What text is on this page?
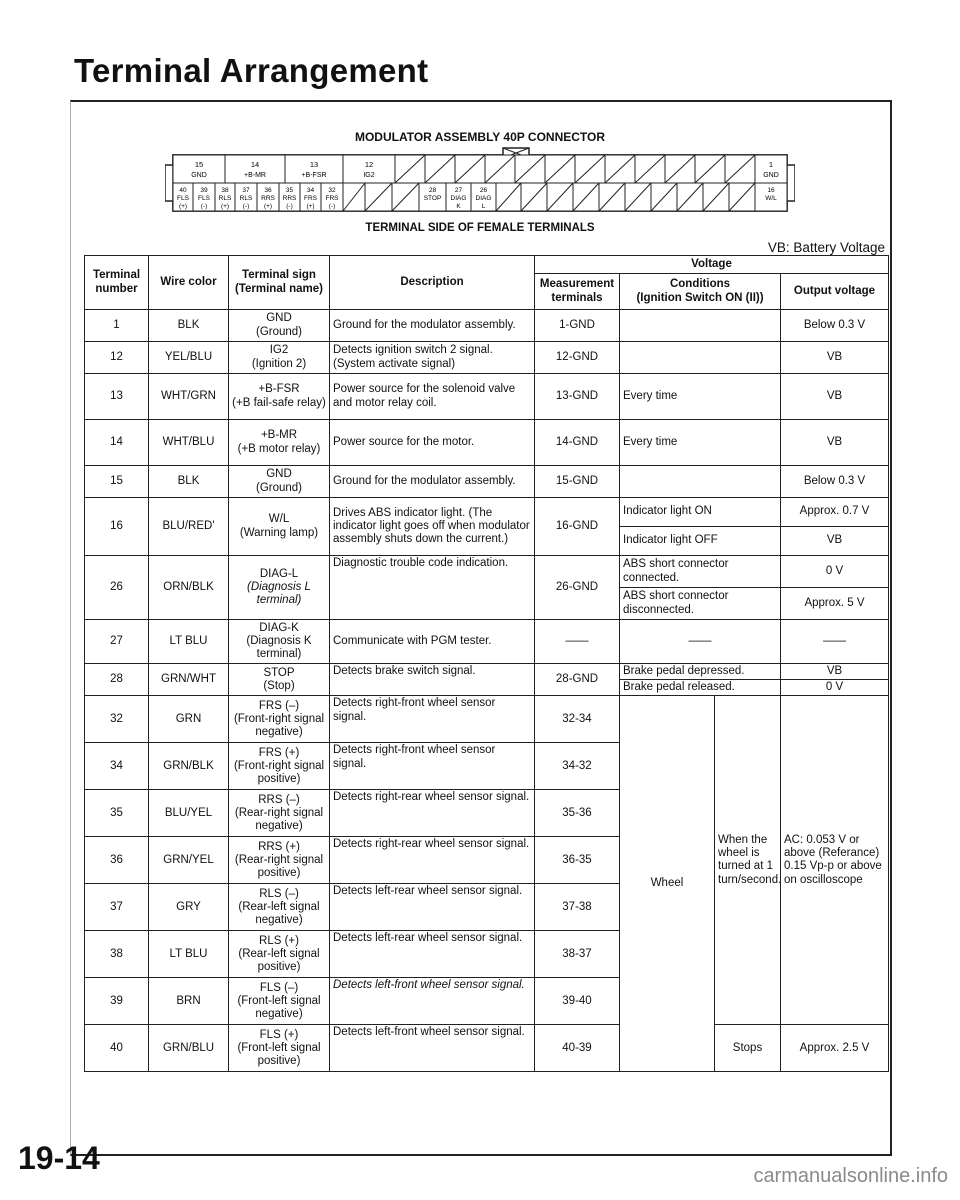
Terminal Arrangement
MODULATOR ASSEMBLY 40P CONNECTOR
15
GND
14
+B-MR
13
+B-FSR
12
IG2
1
GND
40
FLS
(+)
39
FLS
(-)
38
RLS
(+)
37
RLS
(-)
36
RRS
(+)
35
RRS
(-)
34
FRS
(+)
32
FRS
(-)
28
STOP
27
DIAG
K
26
DIAG
L
16
W/L
TERMINAL SIDE OF FEMALE TERMINALS
VB: Battery Voltage
Terminal number	Wire color	Terminal sign
(Terminal name)	Description	Voltage			
				Measurement terminals	Conditions
(Ignition Switch ON (II))		Output voltage
1	BLK	GND
(Ground)	Ground for the modulator assembly.	1-GND			Below 0.3 V
12	YEL/BLU	IG2
(Ignition 2)	Detects ignition switch 2 signal. (System activate signal)	12-GND			VB
13	WHT/GRN	+B-FSR
(+B fail-safe relay)	Power source for the solenoid valve and motor relay coil.	13-GND	Every time		VB
14	WHT/BLU	+B-MR
(+B motor relay)	Power source for the motor.	14-GND	Every time		VB
15	BLK	GND
(Ground)	Ground for the modulator assembly.	15-GND			Below 0.3 V
16	BLU/RED'	W/L
(Warning lamp)	Drives ABS indicator light. (The indicator light goes off when modulator assembly shuts down the current.)	16-GND	Indicator light ON		Approx. 0.7 V
					Indicator light OFF		VB
26	ORN/BLK	DIAG-L
(Diagnosis L terminal)	Diagnostic trouble code indication.	26-GND	ABS short connector connected.		0 V
					ABS short connector disconnected.		Approx. 5 V
27	LT BLU	DIAG-K
(Diagnosis K terminal)	Communicate with PGM tester.	——	——		——
28	GRN/WHT	STOP
(Stop)	Detects brake switch signal.	28-GND	Brake pedal depressed.		VB
					Brake pedal released.		0 V
32	GRN	FRS (–)
(Front-right signal negative)	Detects right-front wheel sensor signal.	32-34	Wheel	When the wheel is turned at 1 turn/second.	AC: 0.053 V or above (Referance) 0.15 Vp-p or above on oscilloscope
34	GRN/BLK	FRS (+)
(Front-right signal positive)	Detects right-front wheel sensor signal.	34-32			
35	BLU/YEL	RRS (–)
(Rear-right signal negative)	Detects right-rear wheel sensor signal.	35-36			
36	GRN/YEL	RRS (+)
(Rear-right signal positive)	Detects right-rear wheel sensor signal.	36-35			
37	GRY	RLS (–)
(Rear-left signal negative)	Detects left-rear wheel sensor signal.	37-38			
38	LT BLU	RLS (+)
(Rear-left signal positive)	Detects left-rear wheel sensor signal.	38-37			
39	BRN	FLS (–)
(Front-left signal negative)	Detects left-front wheel sensor signal.	39-40			
40	GRN/BLU	FLS (+)
(Front-left signal positive)	Detects left-front wheel sensor signal.	40-39		Stops	Approx. 2.5 V
19-14	carmanualsonline.info
